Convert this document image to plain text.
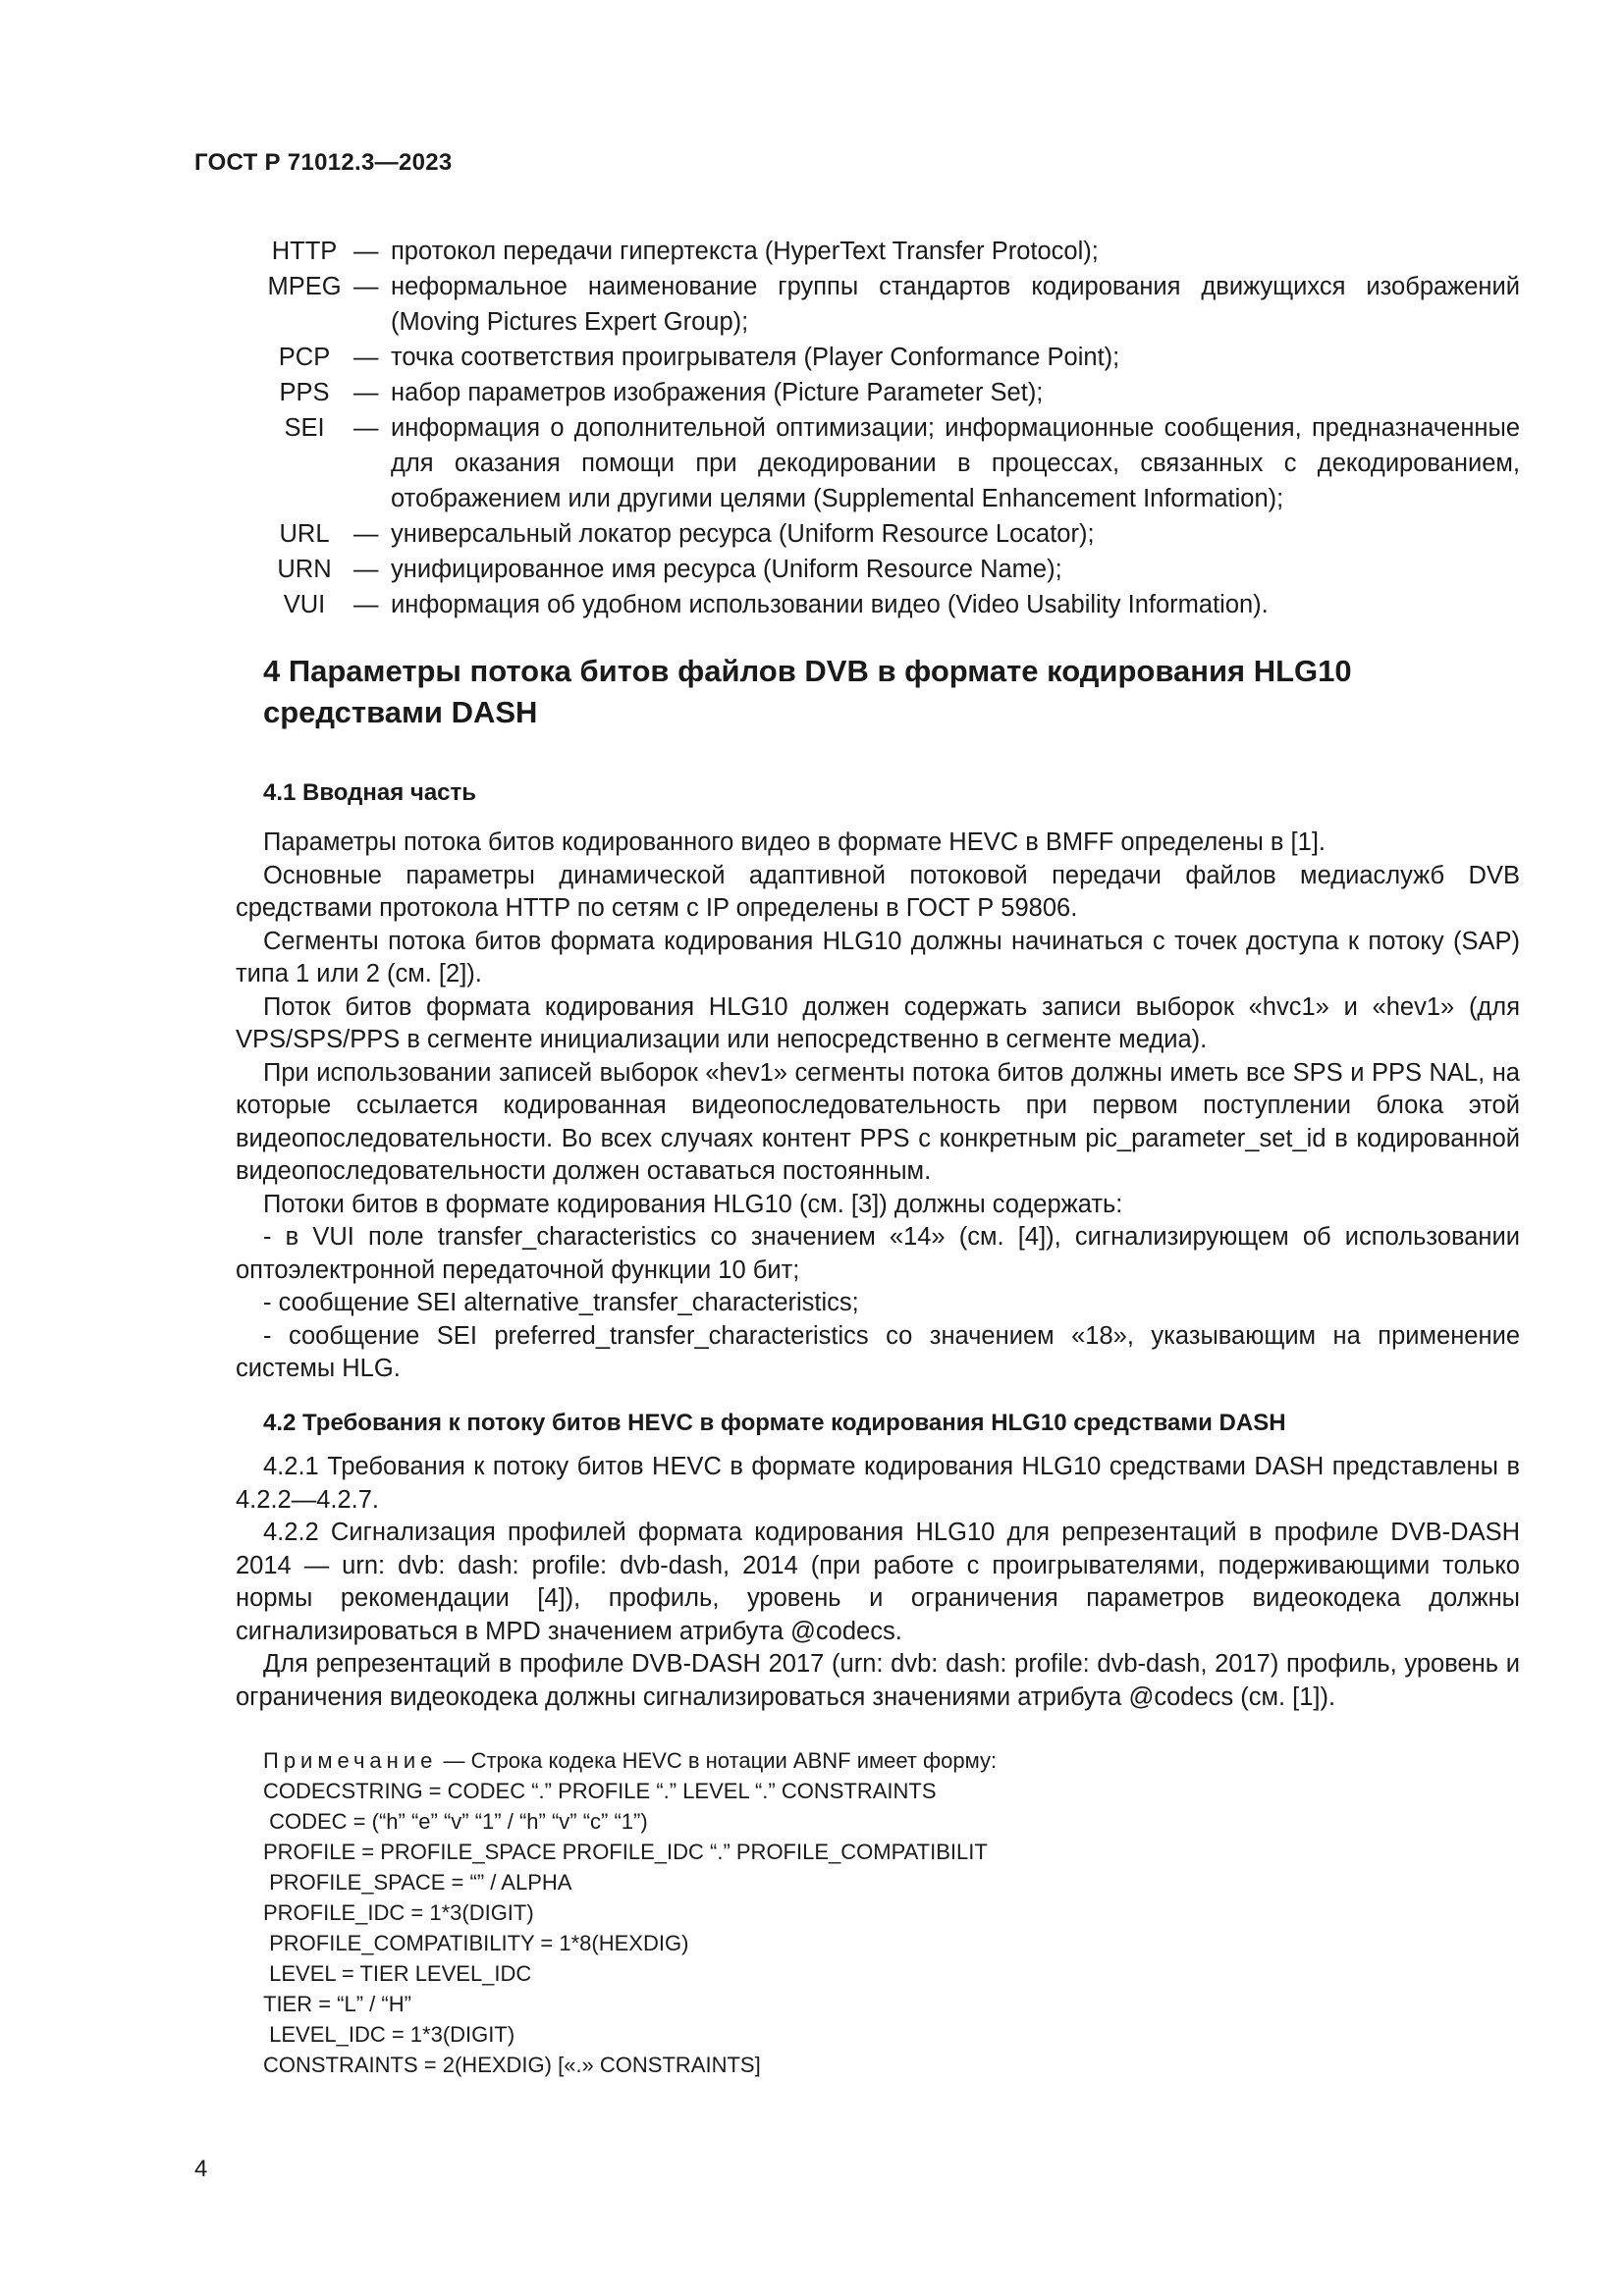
ГОСТ Р 71012.3—2023
HTTP — протокол передачи гипертекста (HyperText Transfer Protocol);
MPEG — неформальное наименование группы стандартов кодирования движущихся изображений (Moving Pictures Expert Group);
PCP — точка соответствия проигрывателя (Player Conformance Point);
PPS — набор параметров изображения (Picture Parameter Set);
SEI	— информация о дополнительной оптимизации; информационные сообщения, предназначенные для оказания помощи при декодировании в процессах, связанных с декодированием, отображением или другими целями (Supplemental Enhancement Information);
URL — универсальный локатор ресурса (Uniform Resource Locator);
URN — унифицированное имя ресурса (Uniform Resource Name);
VUI	— информация об удобном использовании видео (Video Usability Information).
4 Параметры потока битов файлов DVB в формате кодирования HLG10 средствами DASH
4.1 Вводная часть

Параметры потока битов кодированного видео в формате HEVC в BMFF определены в [1].

Основные параметры динамической адаптивной потоковой передачи файлов медиаслужб DVB средствами протокола HTTP по сетям с IP определены в ГОСТ Р 59806.

Сегменты потока битов формата кодирования HLG10 должны начинаться с точек доступа к потоку (SAP) типа 1 или 2 (см. [2]).

Поток битов формата кодирования HLG10 должен содержать записи выборок «hvc1» и «hev1» (для VPS/SPS/PPS в сегменте инициализации или непосредственно в сегменте медиа).

При использовании записей выборок «hev1» сегменты потока битов должны иметь все SPS и PPS NAL, на которые ссылается кодированная видеопоследовательность при первом поступлении блока этой видеопоследовательности. Во всех случаях контент PPS с конкретным pic_parameter_set_id в кодированной видеопоследовательности должен оставаться постоянным.

Потоки битов в формате кодирования HLG10 (см. [3]) должны содержать:

- в VUI поле transfer_characteristics со значением «14» (см. [4]), сигнализирующем об использовании оптоэлектронной передаточной функции 10 бит;

- сообщение SEI alternative_transfer_characteristics;

- сообщение SEI preferred_transfer_characteristics со значением «18», указывающим на применение системы HLG.

4.2 Требования к потоку битов HEVC в формате кодирования HLG10 средствами DASH

4.2.1 Требования к потоку битов HEVC в формате кодирования HLG10 средствами DASH представлены в 4.2.2—4.2.7.

4.2.2 Сигнализация профилей формата кодирования HLG10 для репрезентаций в профиле DVB-DASH 2014 — urn: dvb: dash: profile: dvb-dash, 2014 (при работе с проигрывателями, подерживающими только нормы рекомендации [4]), профиль, уровень и ограничения параметров видеокодека должны сигнализироваться в MPD значением атрибута @codecs.

Для репрезентаций в профиле DVB-DASH 2017 (urn: dvb: dash: profile: dvb-dash, 2017) профиль, уровень и ограничения видеокодека должны сигнализироваться значениями атрибута @codecs (см. [1]).

Примечание — Строка кодека HEVC в нотации ABNF имеет форму:
CODECSTRING = CODEC “.” PROFILE “.” LEVEL “.” CONSTRAINTS
CODEC = (“h” “e” “v” “1” / “h” “v” “c” “1”)
PROFILE = PROFILE_SPACE PROFILE_IDC “.” PROFILE_COMPATIBILIT
PROFILE_SPACE = “” / ALPHA
PROFILE_IDC = 1*3(DIGIT)
PROFILE_COMPATIBILITY = 1*8(HEXDIG)
LEVEL = TIER LEVEL_IDC
TIER = “L” / “H”
LEVEL_IDC = 1*3(DIGIT)
CONSTRAINTS = 2(HEXDIG) [«.» CONSTRAINTS]
4
